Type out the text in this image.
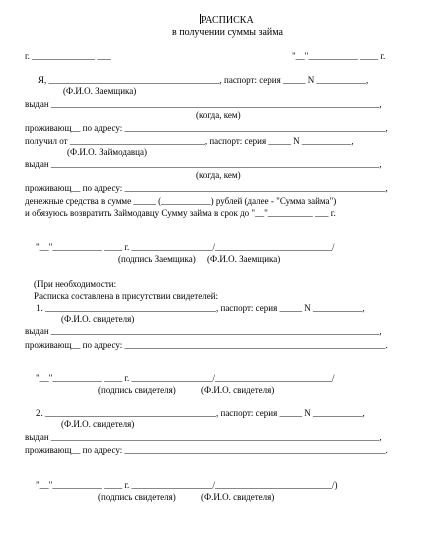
РАСПИСКА
в получении суммы займа
г. ______________ ___	"__"___________ ____ г.
Я, ______________________________________, паспорт: серия _____ N ___________,
выдан _________________________________________________________________________,
(Ф.И.О. Заемщика)
(когда, кем)
проживающ__ по адресу: __________________________________________________________,
получил от ______________________________, паспорт: серия _____ N ___________,
(Ф.И.О. Займодавца)
выдан _________________________________________________________________________,
(когда, кем)
проживающ__ по адресу: __________________________________________________________,
денежные средства в сумме _____ (___________) рублей (далее - "Сумма займа")
и обязуюсь возвратить Займодавцу Сумму займа в срок до "__"__________ ___ г.
"__"___________ ____ г. __________________/__________________________/
(подпись Заемщика) (Ф.И.О. Заемщика)
(При необходимости:
Расписка составлена в присутствии свидетелей:
1. ______________________________________, паспорт: серия _____ N ___________,
(Ф.И.О. свидетеля)
выдан _________________________________________________________________________,
проживающ__ по адресу: __________________________________________________________.
"__"___________ ____ г. __________________/__________________________/
(подпись свидетеля)	(Ф.И.О. свидетеля)
2. ______________________________________, паспорт: серия _____ N ___________,
(Ф.И.О. свидетеля)
выдан _________________________________________________________________________,
проживающ__ по адресу: __________________________________________________________.
"__"___________ ____ г. __________________/__________________________/)
(подпись свидетеля)	(Ф.И.О. свидетеля)
